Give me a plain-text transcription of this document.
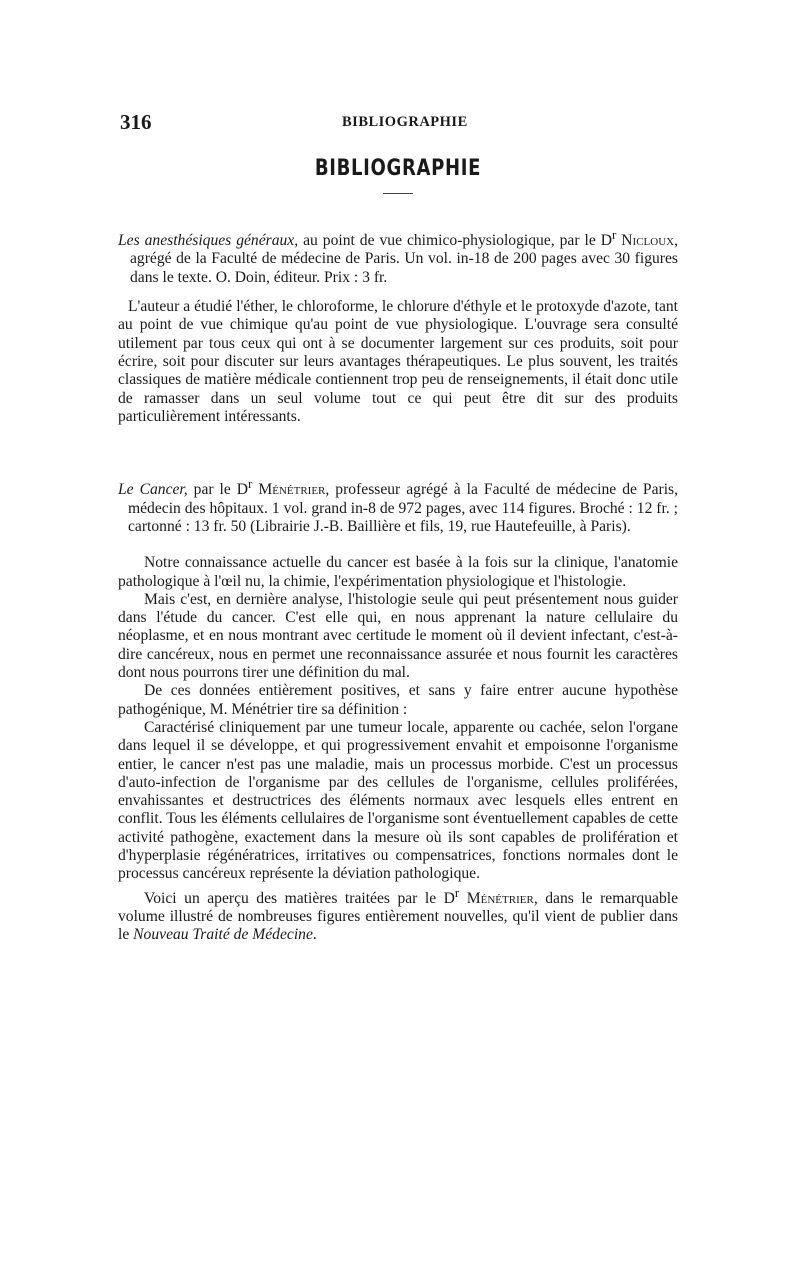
316	BIBLIOGRAPHIE
BIBLIOGRAPHIE

Les anesthésiques généraux, au point de vue chimico-physiologique, par le $D^r$ Nicloux, agrégé de la Faculté de médecine de Paris. Un vol. in-18 de 200 pages avec 30 figures dans le texte. O. Doin, éditeur. Prix : 3 fr.

L'auteur a étudié l'éther, le chloroforme, le chlorure d'éthyle et le protoxyde d'azote, tant au point de vue chimique qu'au point de vue physiologique. L'ouvrage sera consulté utilement par tous ceux qui ont à se documenter largement sur ces produits, soit pour écrire, soit pour discuter sur leurs avantages thérapeutiques. Le plus souvent, les traités classiques de matière médicale contiennent trop peu de renseignements, il était donc utile de ramasser dans un seul volume tout ce qui peut être dit sur des produits particulièrement intéressants.

Le Cancer, par le $D^r$ Ménétrier, professeur agrégé à la Faculté de médecine de Paris, médecin des hôpitaux. 1 vol. grand in-8 de 972 pages, avec 114 figures. Broché : 12 fr. ; cartonné : 13 fr. 50 (Librairie J.-B. Baillière et fils, 19, rue Hautefeuille, à Paris).

Notre connaissance actuelle du cancer est basée à la fois sur la clinique, l'anatomie pathologique à l'œil nu, la chimie, l'expérimentation physiologique et l'histologie.

Mais c'est, en dernière analyse, l'histologie seule qui peut présentement nous guider dans l'étude du cancer. C'est elle qui, en nous apprenant la nature cellulaire du néoplasme, et en nous montrant avec certitude le moment où il devient infectant, c'est-à-dire cancéreux, nous en permet une reconnaissance assurée et nous fournit les caractères dont nous pourrons tirer une définition du mal.

De ces données entièrement positives, et sans y faire entrer aucune hypothèse pathogénique, M. Ménétrier tire sa définition :

Caractérisé cliniquement par une tumeur locale, apparente ou cachée, selon l'organe dans lequel il se développe, et qui progressivement envahit et empoisonne l'organisme entier, le cancer n'est pas une maladie, mais un processus morbide. C'est un processus d'auto-infection de l'organisme par des cellules de l'organisme, cellules proliférées, envahissantes et destructrices des éléments normaux avec lesquels elles entrent en conflit. Tous les éléments cellulaires de l'organisme sont éventuellement capables de cette activité pathogène, exactement dans la mesure où ils sont capables de prolifération et d'hyperplasie régénératrices, irritatives ou compensatrices, fonctions normales dont le processus cancéreux représente la déviation pathologique.

Voici un aperçu des matières traitées par le $D^r$ Ménétrier, dans le remarquable volume illustré de nombreuses figures entièrement nouvelles, qu'il vient de publier dans le Nouveau Traité de Médecine.
